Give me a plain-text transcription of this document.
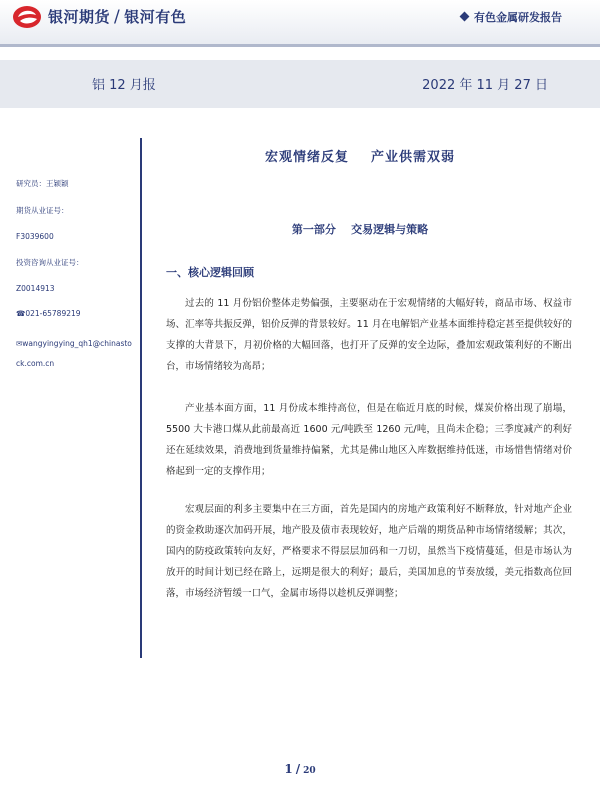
银河期货 / 银河有色	有色金属研发报告
铝 12 月报	2022 年 11 月 27 日
研究员：王颖颖
期货从业证号：
F3039600
投资咨询从业证号：
Z0014913
☎021-65789219
✉wangyingying_qh1@chinastock.com.cn
宏观情绪反复    产业供需双弱
第一部分    交易逻辑与策略
一、核心逻辑回顾

过去的 11 月份铝价整体走势偏强，主要驱动在于宏观情绪的大幅好转，商品市场、权益市场、汇率等共振反弹，铝价反弹的背景较好。11 月在电解铝产业基本面维持稳定甚至提供较好的支撑的大背景下，月初价格的大幅回落，也打开了反弹的安全边际，叠加宏观政策利好的不断出台，市场情绪较为高昂；

产业基本面方面，11 月份成本维持高位，但是在临近月底的时候，煤炭价格出现了崩塌，5500 大卡港口煤从此前最高近 1600 元/吨跌至 1260 元/吨，且尚未企稳；三季度减产的利好还在延续效果，消费地到货量维持偏紧，尤其是佛山地区入库数据维持低迷，市场惜售情绪对价格起到一定的支撑作用；

宏观层面的利多主要集中在三方面，首先是国内的房地产政策利好不断释放，针对地产企业的资金救助逐次加码开展，地产股及债市表现较好，地产后端的期货品种市场情绪缓解；其次，国内的防疫政策转向友好，严格要求不得层层加码和一刀切，虽然当下疫情蔓延，但是市场认为放开的时间计划已经在路上，远期是很大的利好；最后，美国加息的节奏放缓，美元指数高位回落，市场经济暂缓一口气，金属市场得以趁机反弹调整；

1 / 20
